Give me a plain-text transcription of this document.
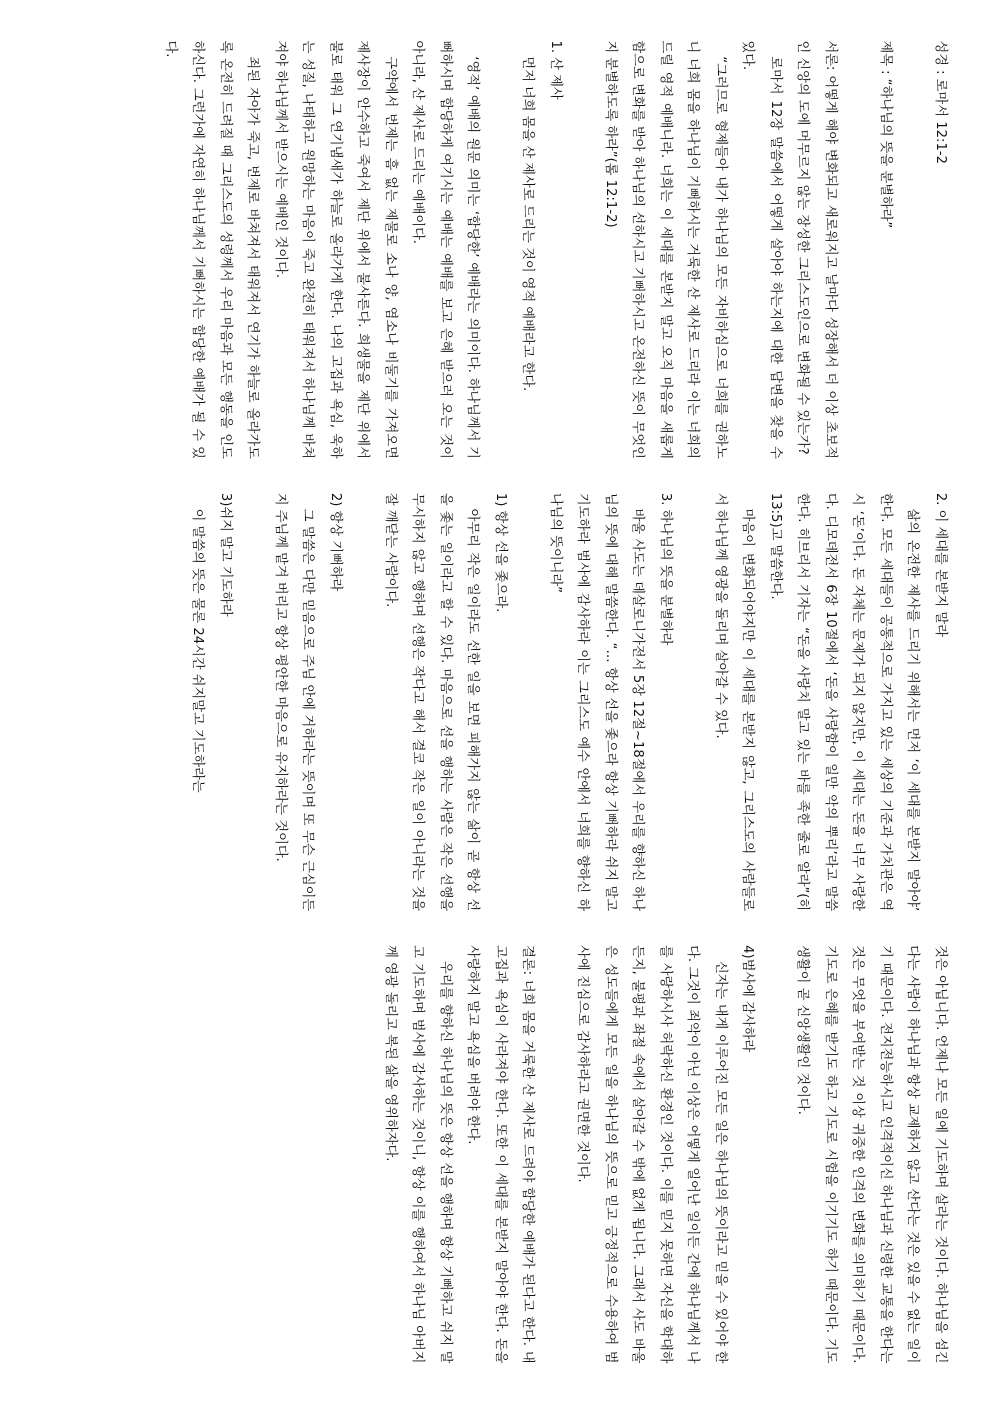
성경 : 로마서 12:1-2

제목 : “하나님의 뜻을 분별하라”

서론: 어떻게 해야 변화되고 새로워지고 날마다 성장해서 더 이상 초보적인 신앙의 도에 머무르지 않는 장성한 그리스도인으로 변화될 수 있는가?

로마서 12장 말씀에서 어떻게 살아야 하는지에 대한 답변을 찾을 수 있다.

“그러므로 형제들아 내가 하나님의 모든 자비하심으로 너희를 권하노니 너희 몸을 하나님이 기뻐하시는 거룩한 산 제사로 드리라 이는 너희의 드릴 영적 예배니라. 너희는 이 세대를 본받지 말고 오직 마음을 새롭게 함으로 변화를 받아 하나님의 선하시고 기뻐하시고 온전하신 뜻이 무엇인지 분별하도록 하라”(롬 12:1-2)

1. 산 제사

먼저 너희 몸을 산 제사로 드리는 것이 영적 예배라고 한다.

‘영적’ 예배의 원문 의미는 ‘합당한’ 예배라는 의미이다. 하나님께서 기뻐하시며 합당하게 여기시는 예배는 예배를 보고 은혜 받으러 오는 것이 아니라, 산 제사로 드리는 예배이다.

구약에서 번제는 흠 없는 제물로 소나 양, 염소나 비둘기를 가져오면 제사장이 안수하고 죽여서 제단 위에서 불사른다. 희생물을 제단 위에서 불로 태워 그 연기냄새가 하늘로 올라가게 한다. 나의 고집과 욕심, 욱하는 성질, 나태하고 원망하는 마음이 죽고 완전히 태워져서 하나님께 바쳐져야 하나님께서 받으시는 예배인 것이다.

죄된 자아가 죽고, 번제로 바쳐져서 태워져서 연기가 하늘로 올라가도록 온전히 드려질 때 그리스도의 성령께서 우리 마음과 모든 행동을 인도하신다. 그런가에 자연히 하나님께서 기뻐하시는 합당한 예배가 될 수 있다.

2. 이 세대를 본받지 말라

삶의 온전한 제사를 드리기 위해서는 먼저 ‘이 세대를 본받지 말아야’ 한다. 모든 세대들이 공통적으로 가지고 있는 세상의 기준과 가치관은 역시 ‘돈’이다. 돈 자체는 문제가 되지 않지만, 이 세대는 돈을 너무 사랑한다. 디모데전서 6장 10절에서 ‘돈을 사랑함이 일만 악의 뿌리’라고 말씀한다. 히브리서 기자는 “돈을 사랑치 말고 있는 바를 족한 줄로 알라”(히 13:5)고 말씀한다.

마음이 변화되어야지만 이 세대를 본받지 않고, 그리스도의 사람들로서 하나님께 영광을 돌리며 살아갈 수 있다.

3. 하나님의 뜻을 분별하라

바울 사도는 데살로니가전서 5장 12절~18절에서 우리를 향하신 하나님의 뜻에 대해 말씀한다. “… 항상 선을 좇으라 항상 기뻐하라 쉬지 말고 기도하라 범사에 감사하라 이는 그리스도 예수 안에서 너희를 향하신 하나님의 뜻이니라”

1) 항상 선을 좇으라.

아무리 작은 일이라도 선한 일을 보면 피해가지 않는 삶이 곧 항상 선을 좇는 일이라고 할 수 있다. 마음으로 선을 행하는 사람은 작은 선행을 무시하지 않고 행하며 선행은 작다고 해서 결코 작은 일이 아니라는 것을 잘 깨닫는 사람이다.

2) 항상 기뻐하라

그 말씀은 다만 믿음으로 주님 안에 거하라는 뜻이며 또 무슨 근심이든지 주님께 맡겨 버리고 항상 평안한 마음으로 유지하라는 것이다.

3)쉬지 말고 기도하라

이 말씀의 뜻은 물론 24시간 쉬지말고 기도하라는

것은 아닙니다. 언제나 모든 일에 기도하며 살라는 것이다. 하나님을 섬긴다는 사람이 하나님과 항상 교제하지 않고 산다는 것은 있을 수 없는 일이기 때문이다. 전지전능하시고 인격적이신 하나님과 신령한 교통을 한다는 것은 무엇을 부여받는 것 이상 귀중한 인격의 변화를 의미하기 때문이다. 기도로 은혜를 받기도 하고 기도로 시험을 이기기도 하기 때문이다. 기도 생활이 곧 신앙생활인 것이다.

4)범사에 감사하라

신자는 내게 이루어진 모든 일은 하나님의 뜻이라고 믿을 수 있어야 한다. 그것이 죄악이 아닌 이상은 어떻게 일어난 일이든 간에 하나님께서 나를 사랑하시사 허락하신 환경인 것이다. 이를 믿지 못하면 자신을 학대하든지, 불평과 좌절 속에서 살아갈 수 밖에 없게 됩니다. 그래서 사도 바울은 성도들에게 모든 일을 하나님의 뜻으로 믿고 긍정적으로 수용하여 범사에 진심으로 감사하라고 권면한 것이다.

결론: 너희 몸을 거룩한 산 제사로 드려야 합당한 예배가 된다고 한다. 내 고집과 욕심이 사라져야 한다. 또한 이 세대를 본받지 말아야 한다. 돈을 사랑하지 말고 욕심을 버려야 한다.

우리를 향하신 하나님의 뜻은 항상 선을 행하며 항상 기뻐하고 쉬지 말고 기도하며 범사에 감사하는 것이니, 항상 이를 행하여서 하나님 아버지께 영광 돌리고 복된 삶을 영위하자다.
